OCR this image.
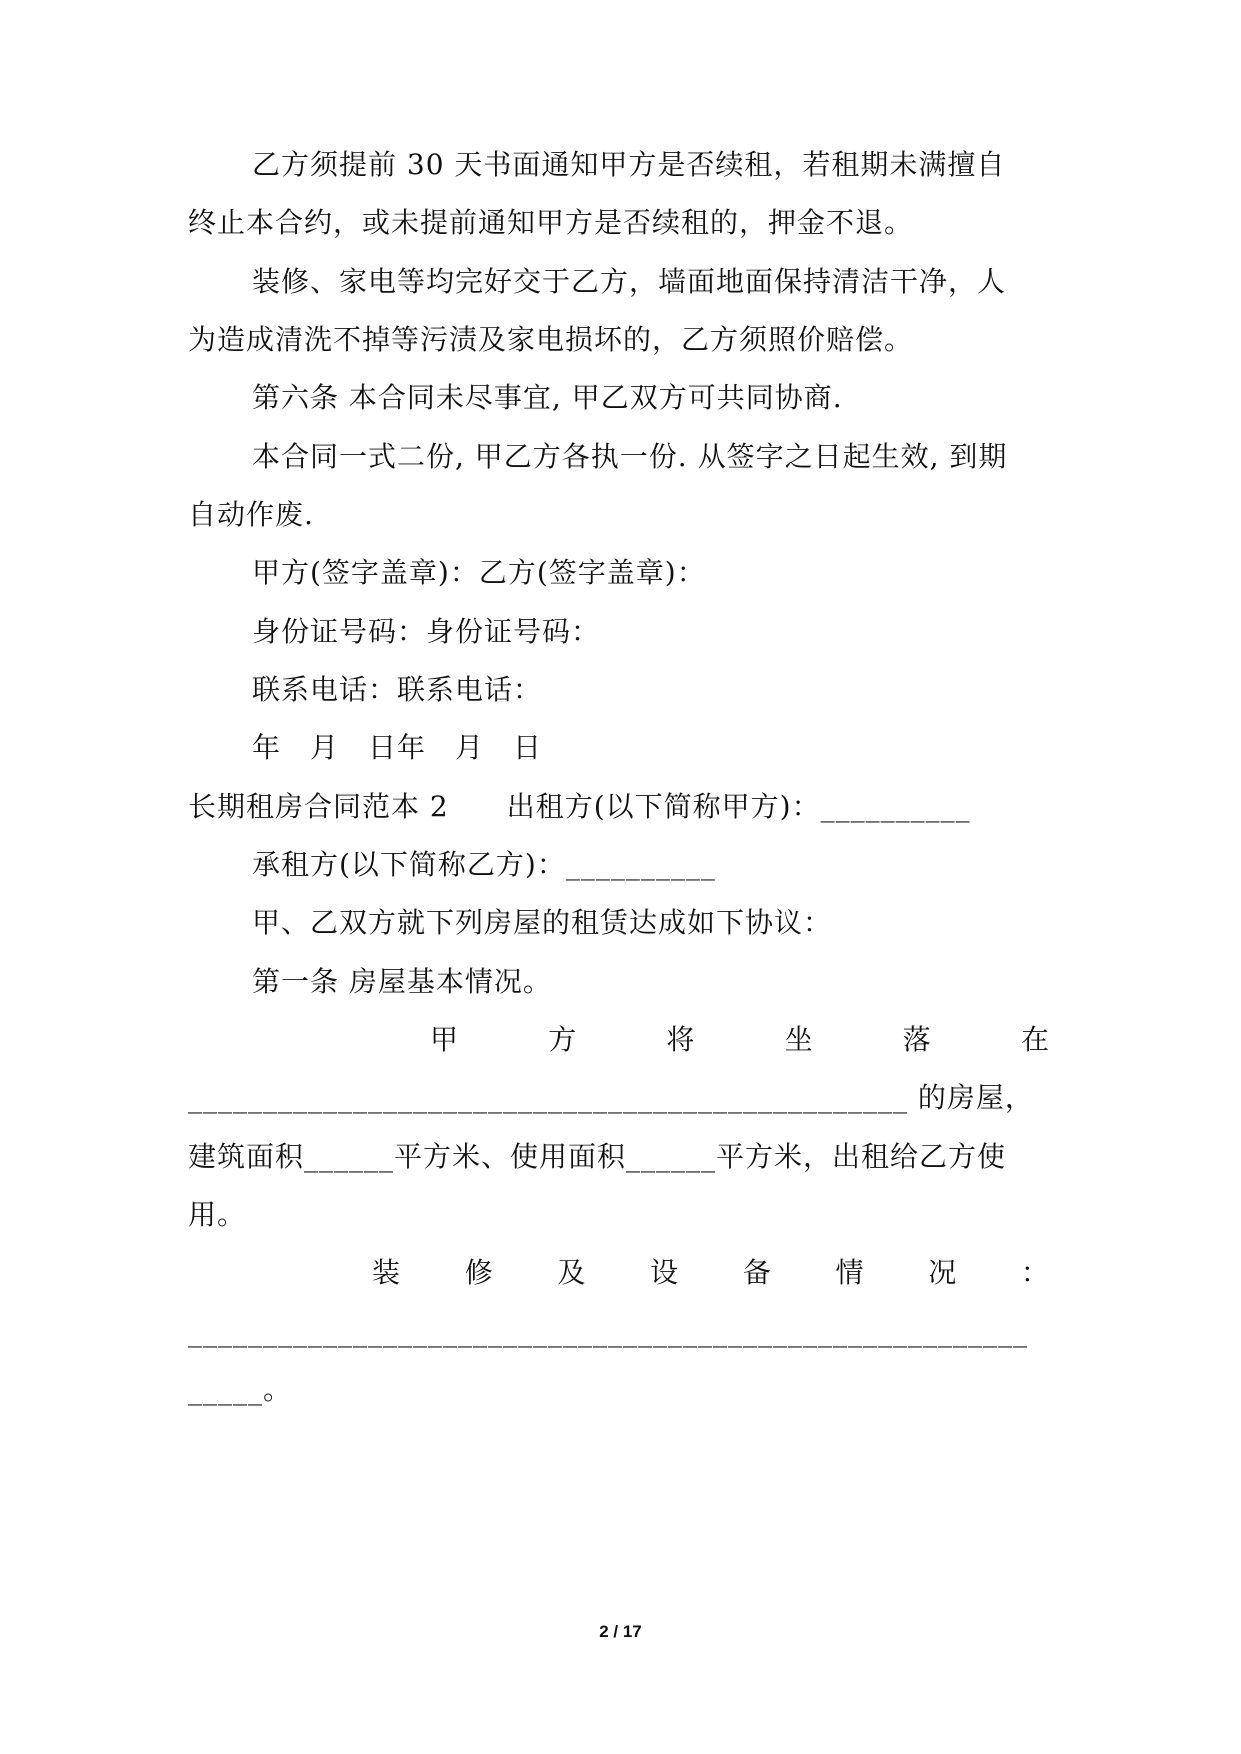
乙方须提前 30 天书面通知甲方是否续租，若租期未满擅自
终止本合约，或未提前通知甲方是否续租的，押金不退。
装修、家电等均完好交于乙方，墙面地面保持清洁干净，人
为造成清洗不掉等污渍及家电损坏的，乙方须照价赔偿。
第六条 本合同未尽事宜, 甲乙双方可共同协商.
本合同一式二份, 甲乙方各执一份. 从签字之日起生效, 到期
自动作废.
甲方(签字盖章)：乙方(签字盖章)：
身份证号码：身份证号码：
联系电话：联系电话：
年　月　日年　月　日
长期租房合同范本 2　　出租方(以下简称甲方)：__________
承租方(以下简称乙方)：__________
甲、乙双方就下列房屋的租赁达成如下协议：
第一条 房屋基本情况。
甲	方	将	坐	落	在
________________________________________________ 的房屋，
建筑面积______平方米、使用面积______平方米，出租给乙方使
用。
装 修 及 设 备 情 况 ：
________________________________________________________
_____。
2 / 17
